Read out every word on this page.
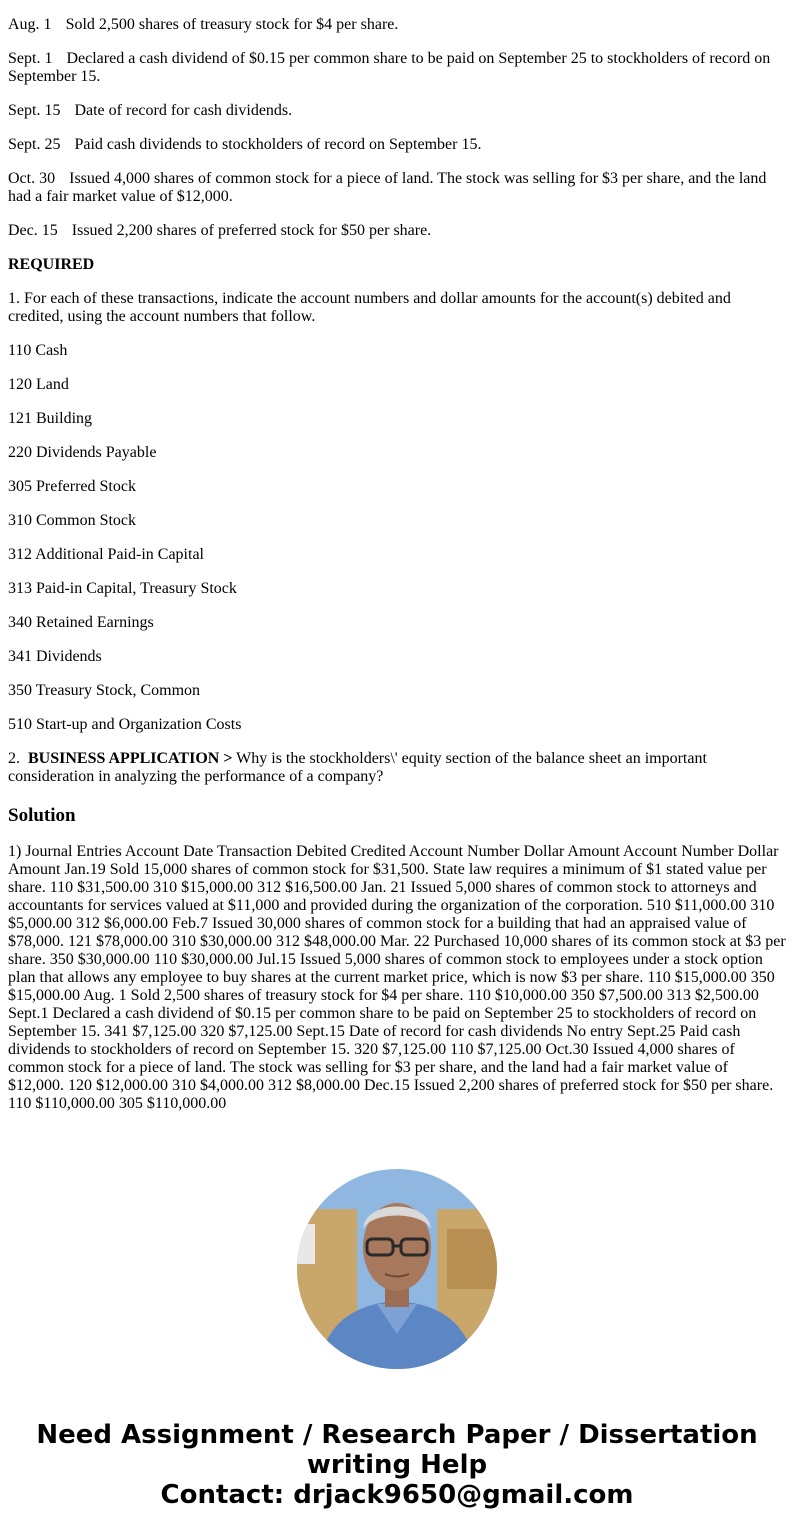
Aug. 1 Sold 2,500 shares of treasury stock for $4 per share.

Sept. 1 Declared a cash dividend of $0.15 per common share to be paid on September 25 to stockholders of record on September 15.

Sept. 15 Date of record for cash dividends.

Sept. 25 Paid cash dividends to stockholders of record on September 15.

Oct. 30 Issued 4,000 shares of common stock for a piece of land. The stock was selling for $3 per share, and the land had a fair market value of $12,000.

Dec. 15 Issued 2,200 shares of preferred stock for $50 per share.

REQUIRED

1. For each of these transactions, indicate the account numbers and dollar amounts for the account(s) debited and credited, using the account numbers that follow.

110 Cash

120 Land

121 Building

220 Dividends Payable

305 Preferred Stock

310 Common Stock

312 Additional Paid-in Capital

313 Paid-in Capital, Treasury Stock

340 Retained Earnings

341 Dividends

350 Treasury Stock, Common

510 Start-up and Organization Costs

2. BUSINESS APPLICATION > Why is the stockholders\' equity section of the balance sheet an important consideration in analyzing the performance of a company?

Solution

1) Journal Entries Account Date Transaction Debited Credited Account Number Dollar Amount Account Number Dollar Amount Jan.19 Sold 15,000 shares of common stock for $31,500. State law requires a minimum of $1 stated value per share. 110 $31,500.00 310 $15,000.00 312 $16,500.00 Jan. 21 Issued 5,000 shares of common stock to attorneys and accountants for services valued at $11,000 and provided during the organization of the corporation. 510 $11,000.00 310 $5,000.00 312 $6,000.00 Feb.7 Issued 30,000 shares of common stock for a building that had an appraised value of $78,000. 121 $78,000.00 310 $30,000.00 312 $48,000.00 Mar. 22 Purchased 10,000 shares of its common stock at $3 per share. 350 $30,000.00 110 $30,000.00 Jul.15 Issued 5,000 shares of common stock to employees under a stock option plan that allows any employee to buy shares at the current market price, which is now $3 per share. 110 $15,000.00 350 $15,000.00 Aug. 1 Sold 2,500 shares of treasury stock for $4 per share. 110 $10,000.00 350 $7,500.00 313 $2,500.00 Sept.1 Declared a cash dividend of $0.15 per common share to be paid on September 25 to stockholders of record on September 15. 341 $7,125.00 320 $7,125.00 Sept.15 Date of record for cash dividends No entry Sept.25 Paid cash dividends to stockholders of record on September 15. 320 $7,125.00 110 $7,125.00 Oct.30 Issued 4,000 shares of common stock for a piece of land. The stock was selling for $3 per share, and the land had a fair market value of $12,000. 120 $12,000.00 310 $4,000.00 312 $8,000.00 Dec.15 Issued 2,200 shares of preferred stock for $50 per share. 110 $110,000.00 305 $110,000.00

Need Assignment / Research Paper / Dissertation
writing Help
Contact: drjack9650@gmail.com
